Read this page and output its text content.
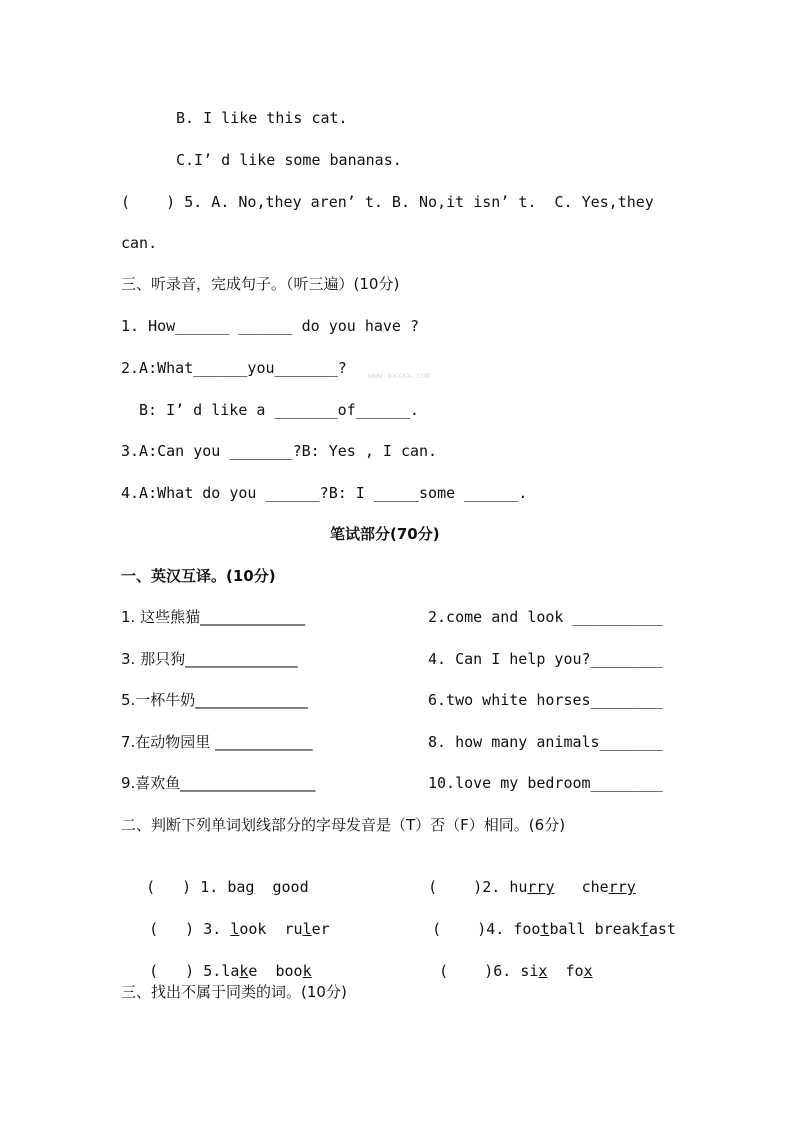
B. I like this cat.
C.I’ d like some bananas.
(    ) 5. A. No,they aren’ t. B. No,it isn’ t.  C. Yes,they
can.
三、听录音，完成句子。（听三遍）(10分)
1. How______ ______ do you have ?
2.A:What______you_______?	www.xxxxx.com
B: I’ d like a _______of______.
3.A:Can you _______?B: Yes , I can.
4.A:What do you ______?B: I _____some ______.
笔试部分(70分)
一、英汉互译。(10分)
1. 这些熊猫______________	2.come and look __________
3. 那只狗_______________	4. Can I help you?________
5.一杯牛奶_______________	6.two white horses________
7.在动物园里 _____________	8. how many animals_______
9.喜欢鱼__________________	10.love my bedroom________
二、判断下列单词划线部分的字母发音是（T）否（F）相同。(6分)

(   ) 1. bag good	(    )2. hurry cherry

(   ) 3. look ruler	(    )4. football breakfast

(   ) 5.lake book	(    )6. six fox

三、找出不属于同类的词。(10分)
